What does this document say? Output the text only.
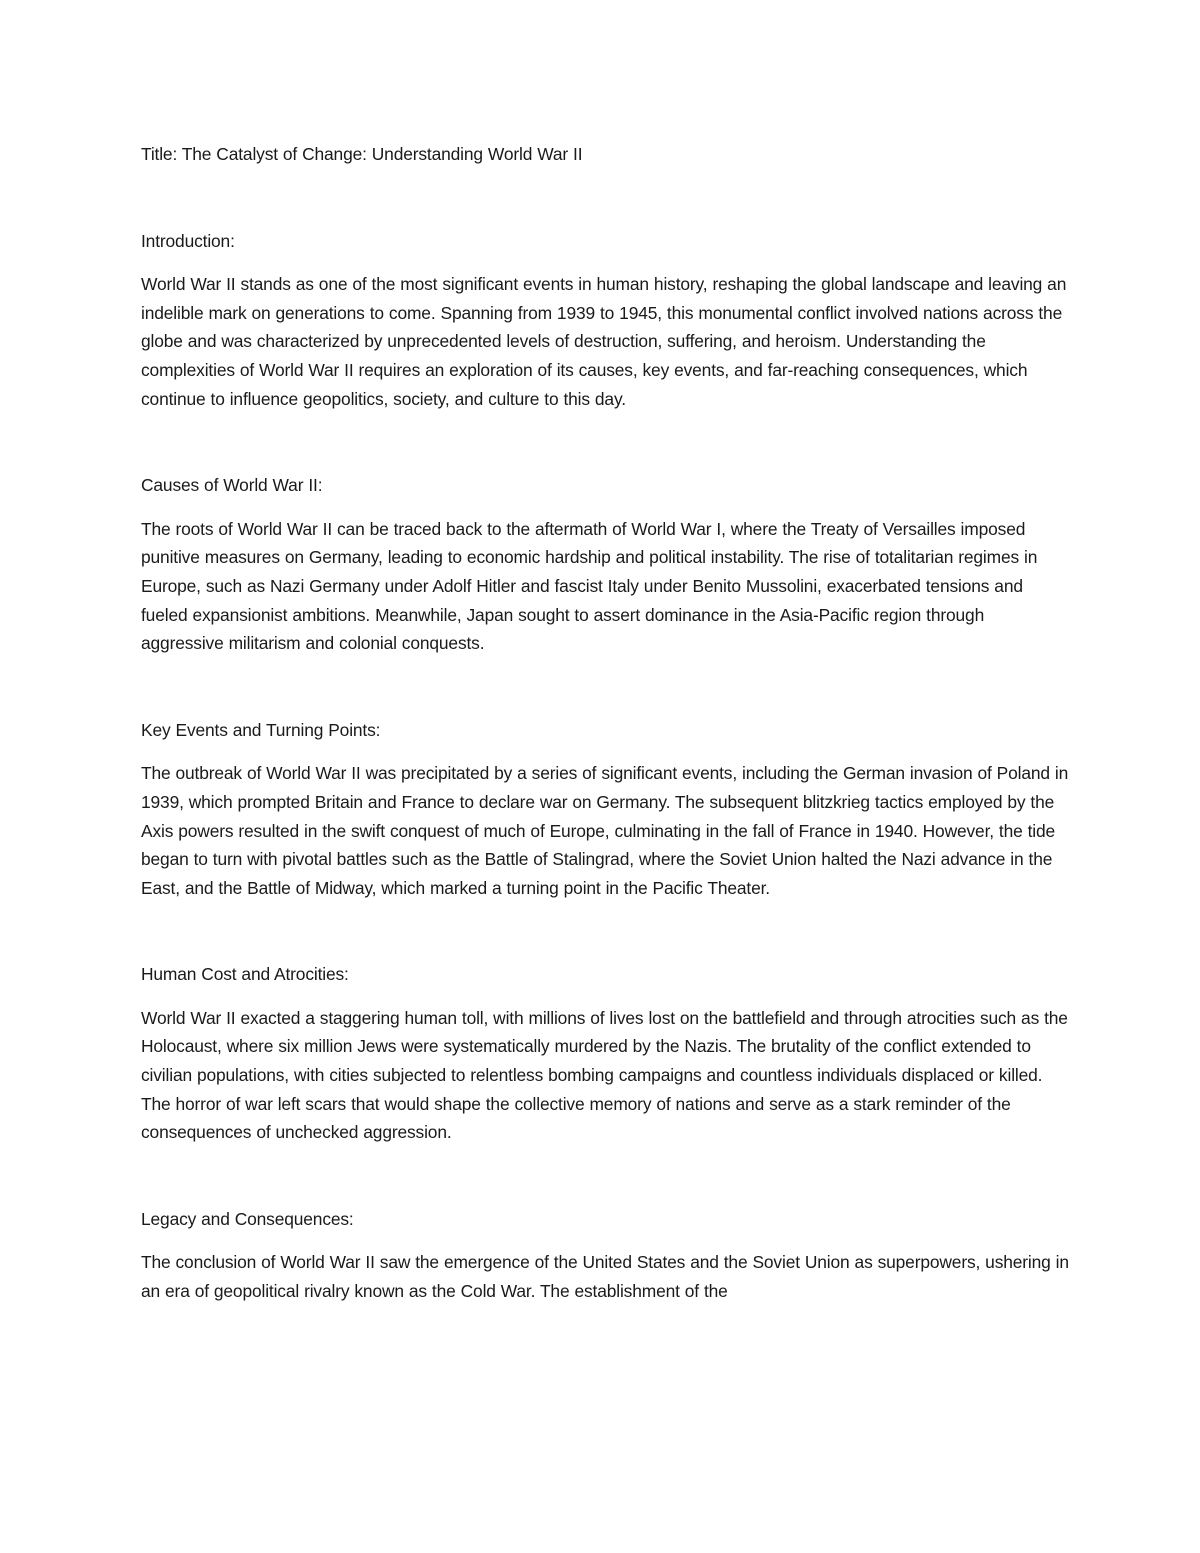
Title: The Catalyst of Change: Understanding World War II

Introduction:

World War II stands as one of the most significant events in human history, reshaping the global landscape and leaving an indelible mark on generations to come. Spanning from 1939 to 1945, this monumental conflict involved nations across the globe and was characterized by unprecedented levels of destruction, suffering, and heroism. Understanding the complexities of World War II requires an exploration of its causes, key events, and far-reaching consequences, which continue to influence geopolitics, society, and culture to this day.

Causes of World War II:

The roots of World War II can be traced back to the aftermath of World War I, where the Treaty of Versailles imposed punitive measures on Germany, leading to economic hardship and political instability. The rise of totalitarian regimes in Europe, such as Nazi Germany under Adolf Hitler and fascist Italy under Benito Mussolini, exacerbated tensions and fueled expansionist ambitions. Meanwhile, Japan sought to assert dominance in the Asia-Pacific region through aggressive militarism and colonial conquests.

Key Events and Turning Points:

The outbreak of World War II was precipitated by a series of significant events, including the German invasion of Poland in 1939, which prompted Britain and France to declare war on Germany. The subsequent blitzkrieg tactics employed by the Axis powers resulted in the swift conquest of much of Europe, culminating in the fall of France in 1940. However, the tide began to turn with pivotal battles such as the Battle of Stalingrad, where the Soviet Union halted the Nazi advance in the East, and the Battle of Midway, which marked a turning point in the Pacific Theater.

Human Cost and Atrocities:

World War II exacted a staggering human toll, with millions of lives lost on the battlefield and through atrocities such as the Holocaust, where six million Jews were systematically murdered by the Nazis. The brutality of the conflict extended to civilian populations, with cities subjected to relentless bombing campaigns and countless individuals displaced or killed. The horror of war left scars that would shape the collective memory of nations and serve as a stark reminder of the consequences of unchecked aggression.

Legacy and Consequences:

The conclusion of World War II saw the emergence of the United States and the Soviet Union as superpowers, ushering in an era of geopolitical rivalry known as the Cold War. The establishment of the
